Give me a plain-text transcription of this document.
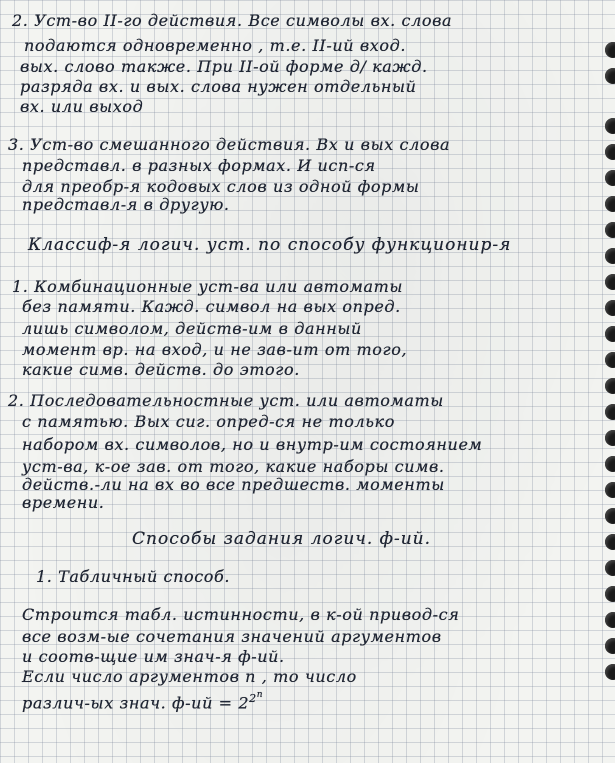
2. Уст-во II-го действия. Все символы вх. слова
подаются одновременно , т.е. II-ий вход.
вых. слово также. При II-ой форме д/ кажд.
разряда вх. и вых. слова нужен отдельный
вх. или выход
3. Уст-во смешанного действия. Вх и вых слова
представл. в разных формах. И исп-ся
для преобр-я кодовых слов из одной формы
представл-я в другую.
Классиф-я логич. уст. по способу функционир-я
1. Комбинационные уст-ва или автоматы
без памяти. Кажд. символ на вых опред.
лишь символом, действ-им в данный
момент вр. на вход, и не зав-ит от того,
какие симв. действ. до этого.
2. Последовательностные уст. или автоматы
с памятью. Вых сиг. опред-ся не только
набором вх. символов, но и внутр-им состоянием
уст-ва, к-ое зав. от того, какие наборы симв.
действ.-ли на вх во все предшеств. моменты
времени.
Способы задания логич. ф-ий.
1. Табличный способ.
Строится табл. истинности, в к-ой привод-ся
все возм-ые сочетания значений аргументов
и соотв-щие им знач-я ф-ий.
Если число аргументов n , то число
различ-ых знач. $ф-ий = 2^{2n}$
